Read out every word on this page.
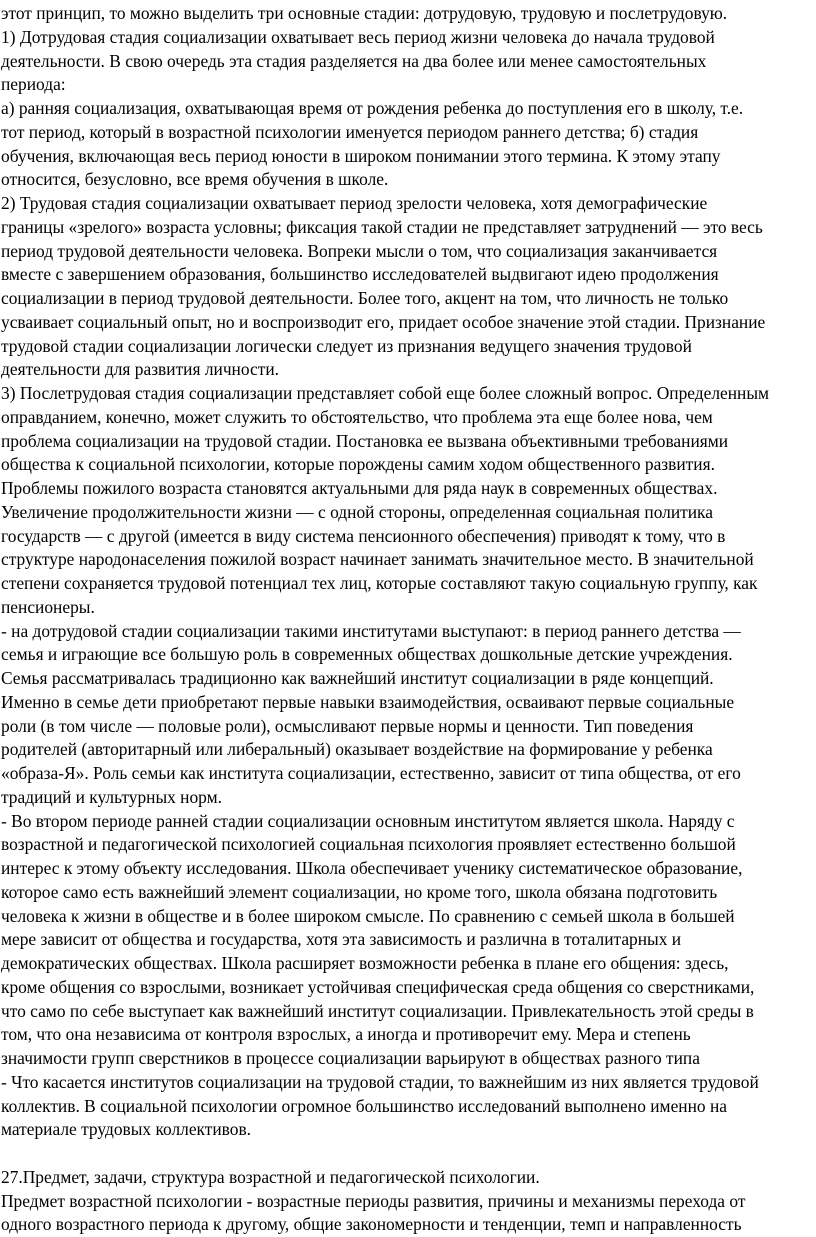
этот принцип, то можно выделить три основные стадии: дотрудовую, трудовую и послетрудовую.
1) Дотрудовая стадия социализации охватывает весь период жизни человека до начала трудовой
деятельности. В свою очередь эта стадия разделяется на два более или менее самостоятельных
периода:
а) ранняя социализация, охватывающая время от рождения ребенка до поступления его в школу, т.е.
тот период, который в возрастной психологии именуется периодом раннего детства; б) стадия
обучения, включающая весь период юности в широком понимании этого термина. К этому этапу
относится, безусловно, все время обучения в школе.
2) Трудовая стадия социализации охватывает период зрелости человека, хотя демографические
границы «зрелого» возраста условны; фиксация такой стадии не представляет затруднений — это весь
период трудовой деятельности человека. Вопреки мысли о том, что социализация заканчивается
вместе с завершением образования, большинство исследователей выдвигают идею продолжения
социализации в период трудовой деятельности. Более того, акцент на том, что личность не только
усваивает социальный опыт, но и воспроизводит его, придает особое значение этой стадии. Признание
трудовой стадии социализации логически следует из признания ведущего значения трудовой
деятельности для развития личности.
3) Послетрудовая стадия социализации представляет собой еще более сложный вопрос. Определенным
оправданием, конечно, может служить то обстоятельство, что проблема эта еще более нова, чем
проблема социализации на трудовой стадии. Постановка ее вызвана объективными требованиями
общества к социальной психологии, которые порождены самим ходом общественного развития.
Проблемы пожилого возраста становятся актуальными для ряда наук в современных обществах.
Увеличение продолжительности жизни — с одной стороны, определенная социальная политика
государств — с другой (имеется в виду система пенсионного обеспечения) приводят к тому, что в
структуре народонаселения пожилой возраст начинает занимать значительное место. В значительной
степени сохраняется трудовой потенциал тех лиц, которые составляют такую социальную группу, как
пенсионеры.
- на дотрудовой стадии социализации такими институтами выступают: в период раннего детства —
семья и играющие все большую роль в современных обществах дошкольные детские учреждения.
Семья рассматривалась традиционно как важнейший институт социализации в ряде концепций.
Именно в семье дети приобретают первые навыки взаимодействия, осваивают первые социальные
роли (в том числе — половые роли), осмысливают первые нормы и ценности. Тип поведения
родителей (авторитарный или либеральный) оказывает воздействие на формирование у ребенка
«образа-Я». Роль семьи как института социализации, естественно, зависит от типа общества, от его
традиций и культурных норм.
- Во втором периоде ранней стадии социализации основным институтом является школа. Наряду с
возрастной и педагогической психологией социальная психология проявляет естественно большой
интерес к этому объекту исследования. Школа обеспечивает ученику систематическое образование,
которое само есть важнейший элемент социализации, но кроме того, школа обязана подготовить
человека к жизни в обществе и в более широком смысле. По сравнению с семьей школа в большей
мере зависит от общества и государства, хотя эта зависимость и различна в тоталитарных и
демократических обществах. Школа расширяет возможности ребенка в плане его общения: здесь,
кроме общения со взрослыми, возникает устойчивая специфическая среда общения со сверстниками,
что само по себе выступает как важнейший институт социализации. Привлекательность этой среды в
том, что она независима от контроля взрослых, а иногда и противоречит ему. Мера и степень
значимости групп сверстников в процессе социализации варьируют в обществах разного типа
- Что касается институтов социализации на трудовой стадии, то важнейшим из них является трудовой
коллектив. В социальной психологии огромное большинство исследований выполнено именно на
материале трудовых коллективов.
27.Предмет, задачи, структура возрастной и педагогической психологии.
Предмет возрастной психологии - возрастные периоды развития, причины и механизмы перехода от
одного возрастного периода к другому, общие закономерности и тенденции, темп и направленность
